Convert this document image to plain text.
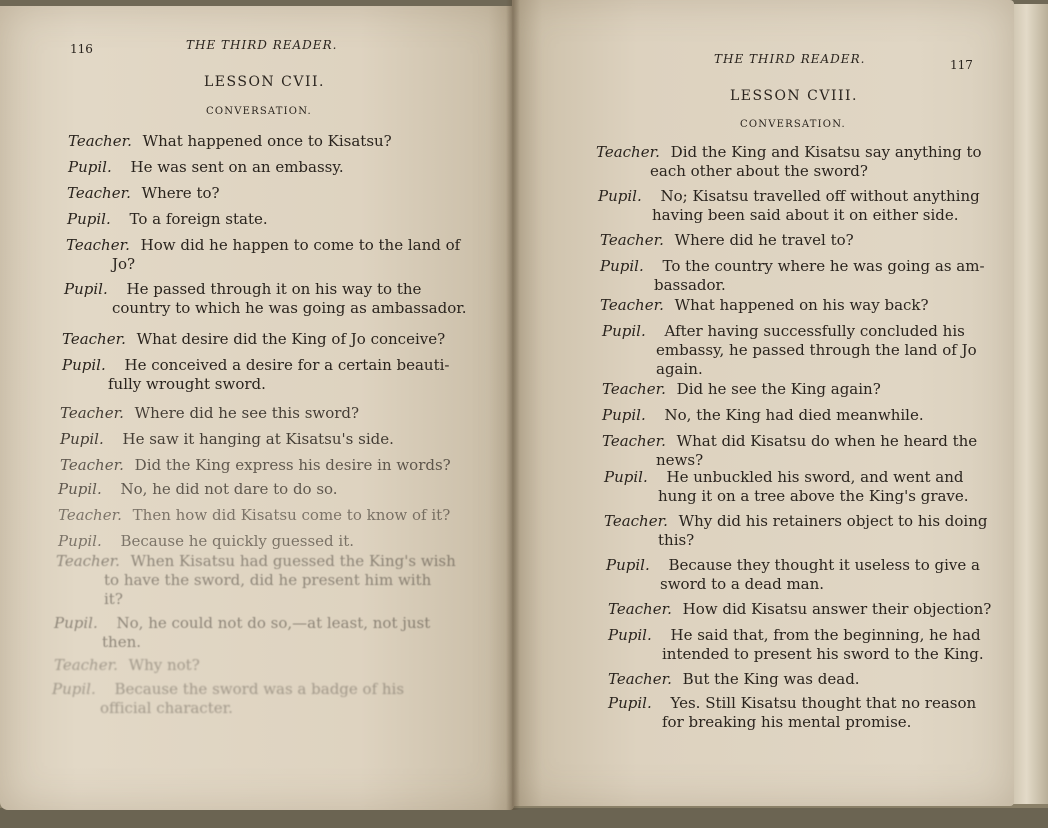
116	THE THIRD READER.
LESSON CVII.
CONVERSATION.
Teacher. What happened once to Kisatsu?
Pupil. He was sent on an embassy.
Teacher. Where to?
Pupil. To a foreign state.
Teacher. How did he happen to come to the land of
Jo?
Pupil. He passed through it on his way to the
country to which he was going as ambassador.
Teacher. What desire did the King of Jo conceive?
Pupil. He conceived a desire for a certain beauti-
fully wrought sword.
Teacher. Where did he see this sword?
Pupil. He saw it hanging at Kisatsu's side.
Teacher. Did the King express his desire in words?
Pupil. No, he did not dare to do so.
Teacher. Then how did Kisatsu come to know of it?
Pupil. Because he quickly guessed it.
Teacher. When Kisatsu had guessed the King's wish
to have the sword, did he present him with
it?
Pupil. No, he could not do so,—at least, not just
then.
Teacher. Why not?
Pupil. Because the sword was a badge of his
official character.
THE THIRD READER.	117
LESSON CVIII.
CONVERSATION.
Teacher. Did the King and Kisatsu say anything to
each other about the sword?
Pupil. No; Kisatsu travelled off without anything
having been said about it on either side.
Teacher. Where did he travel to?
Pupil. To the country where he was going as am-
bassador.
Teacher. What happened on his way back?
Pupil. After having successfully concluded his
embassy, he passed through the land of Jo
again.
Teacher. Did he see the King again?
Pupil. No, the King had died meanwhile.
Teacher. What did Kisatsu do when he heard the
news?
Pupil. He unbuckled his sword, and went and
hung it on a tree above the King's grave.
Teacher. Why did his retainers object to his doing
this?
Pupil. Because they thought it useless to give a
sword to a dead man.
Teacher. How did Kisatsu answer their objection?
Pupil. He said that, from the beginning, he had
intended to present his sword to the King.
Teacher. But the King was dead.
Pupil. Yes. Still Kisatsu thought that no reason
for breaking his mental promise.
